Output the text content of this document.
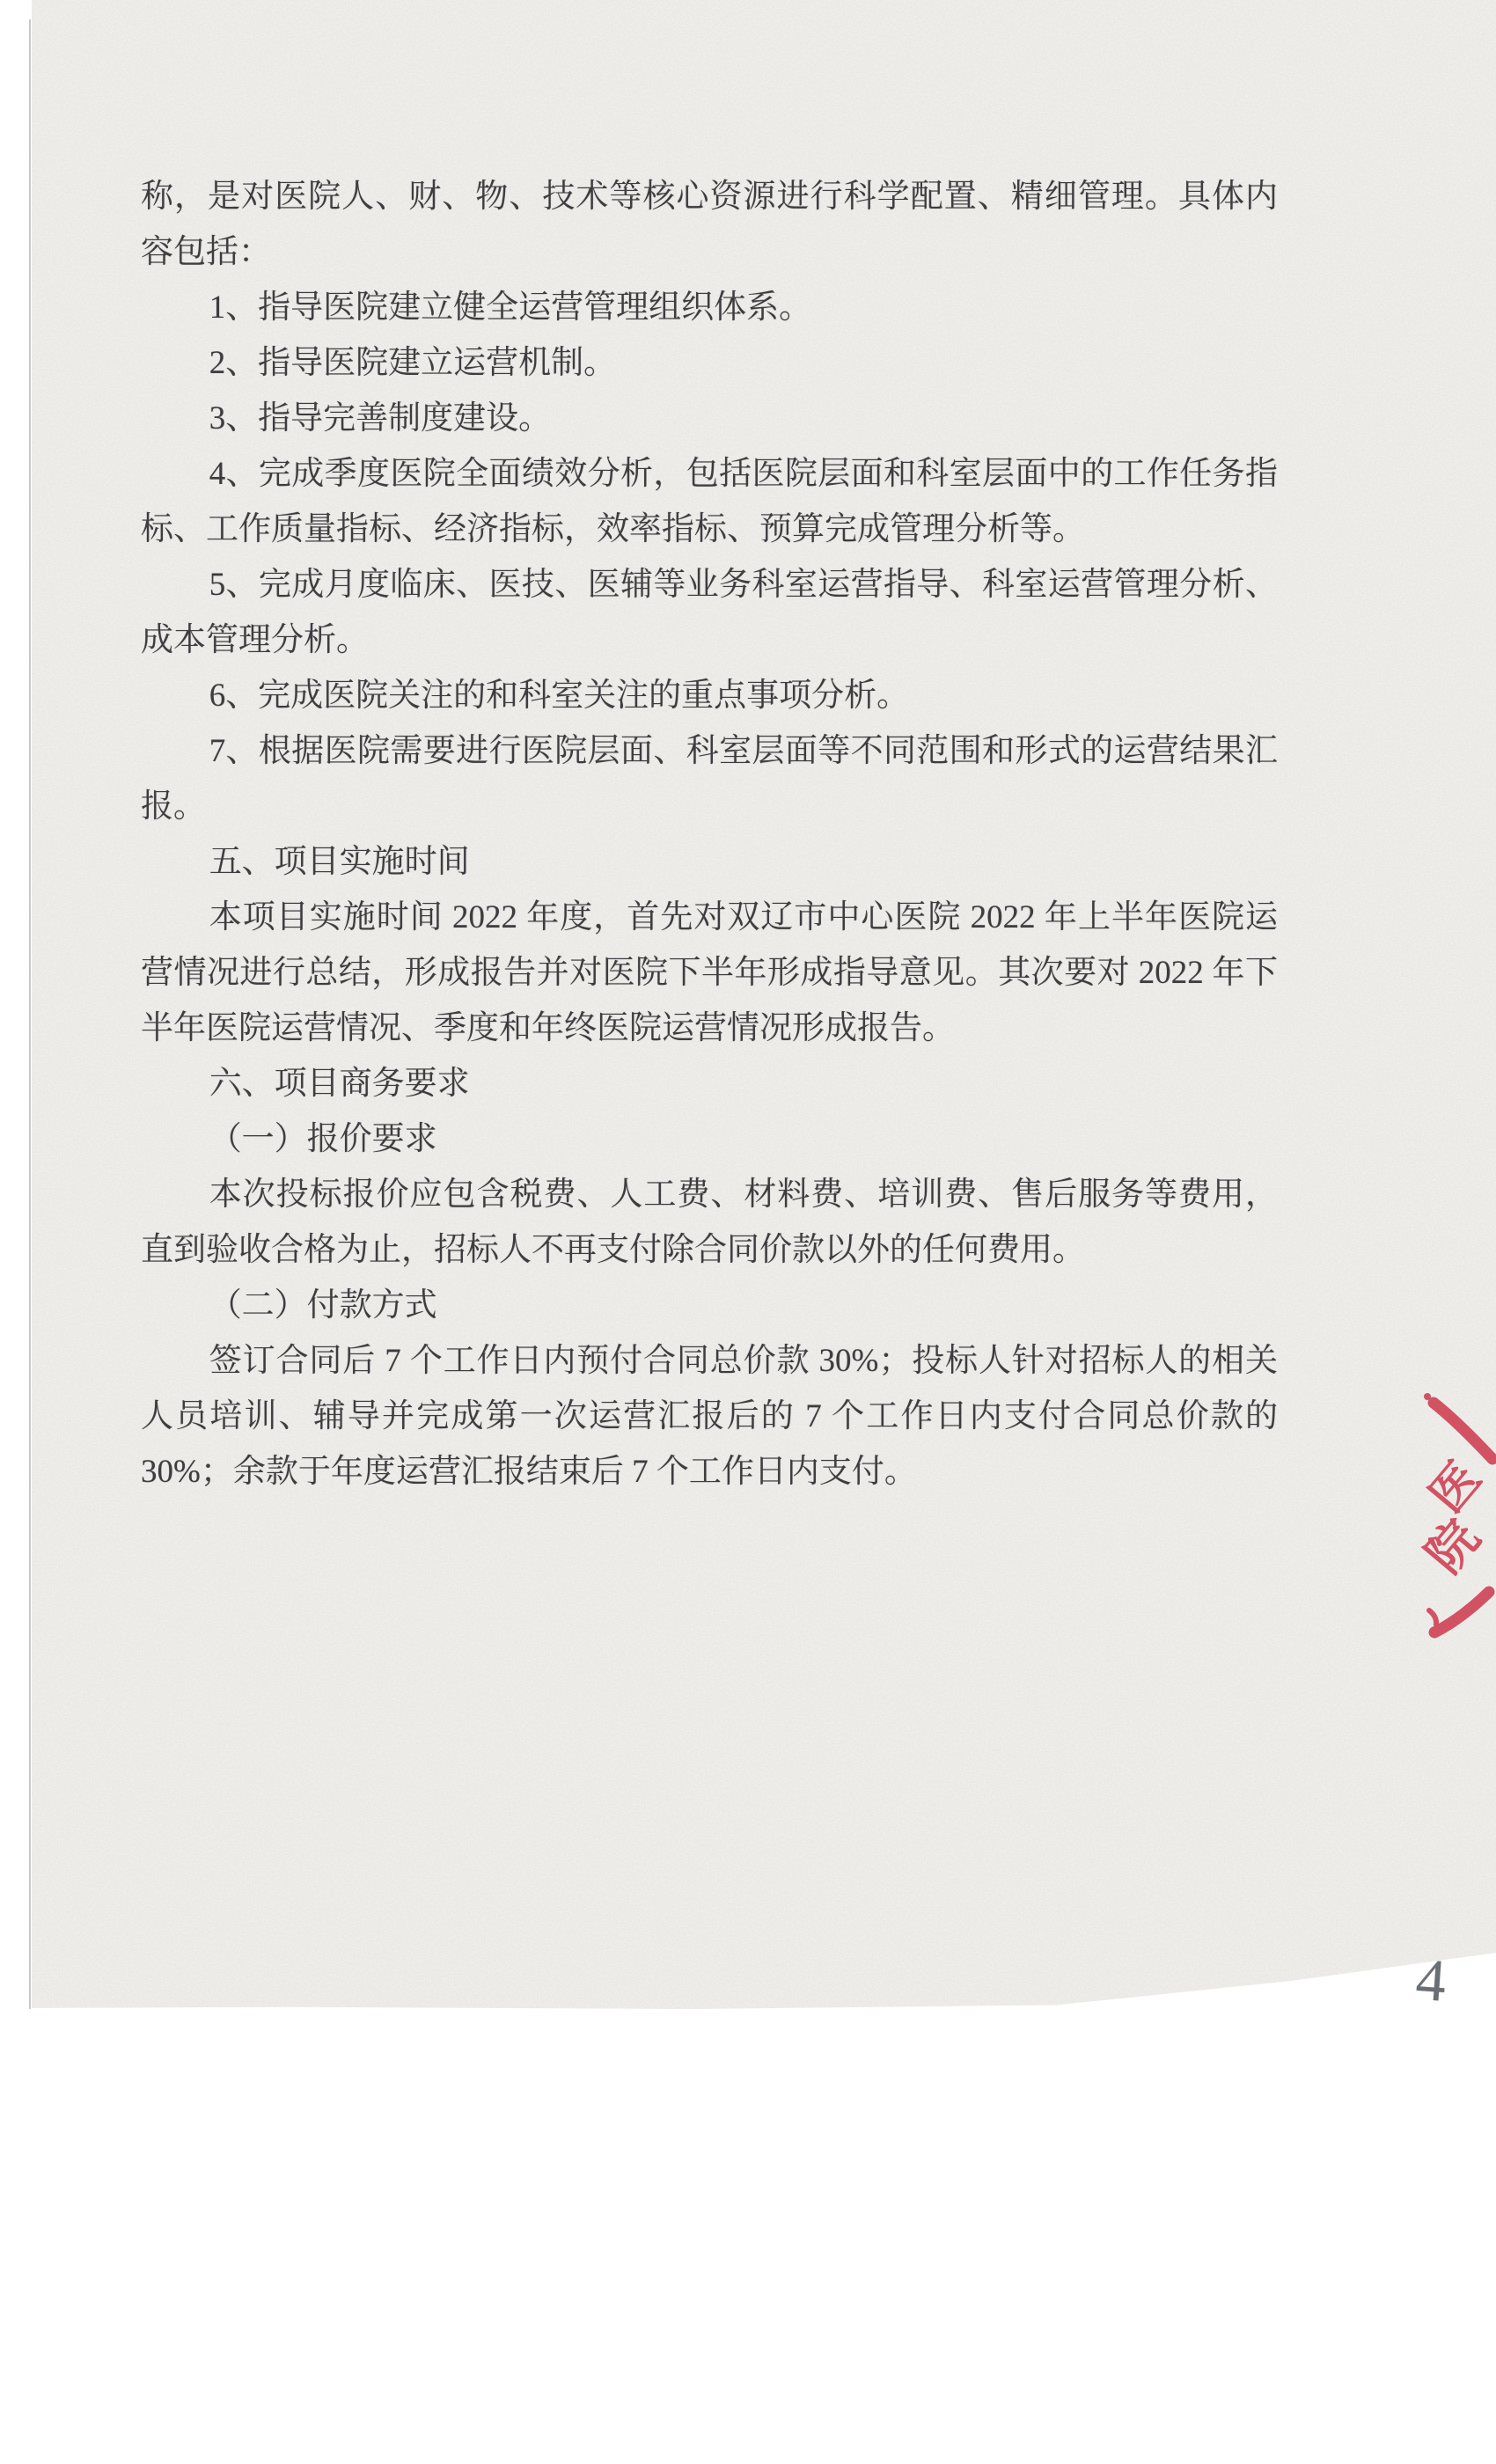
称，是对医院人、财、物、技术等核心资源进行科学配置、精细管理。具体内容包括：

1、指导医院建立健全运营管理组织体系。

2、指导医院建立运营机制。

3、指导完善制度建设。

4、完成季度医院全面绩效分析，包括医院层面和科室层面中的工作任务指标、工作质量指标、经济指标，效率指标、预算完成管理分析等。

5、完成月度临床、医技、医辅等业务科室运营指导、科室运营管理分析、成本管理分析。

6、完成医院关注的和科室关注的重点事项分析。

7、根据医院需要进行医院层面、科室层面等不同范围和形式的运营结果汇报。

五、项目实施时间

本项目实施时间 2022 年度，首先对双辽市中心医院 2022 年上半年医院运营情况进行总结，形成报告并对医院下半年形成指导意见。其次要对 2022 年下半年医院运营情况、季度和年终医院运营情况形成报告。

六、项目商务要求

（一）报价要求

本次投标报价应包含税费、人工费、材料费、培训费、售后服务等费用，直到验收合格为止，招标人不再支付除合同价款以外的任何费用。

（二）付款方式

签订合同后 7 个工作日内预付合同总价款 30%；投标人针对招标人的相关人员培训、辅导并完成第一次运营汇报后的 7 个工作日内支付合同总价款的 30%；余款于年度运营汇报结束后 7 个工作日内支付。	医
院
4
